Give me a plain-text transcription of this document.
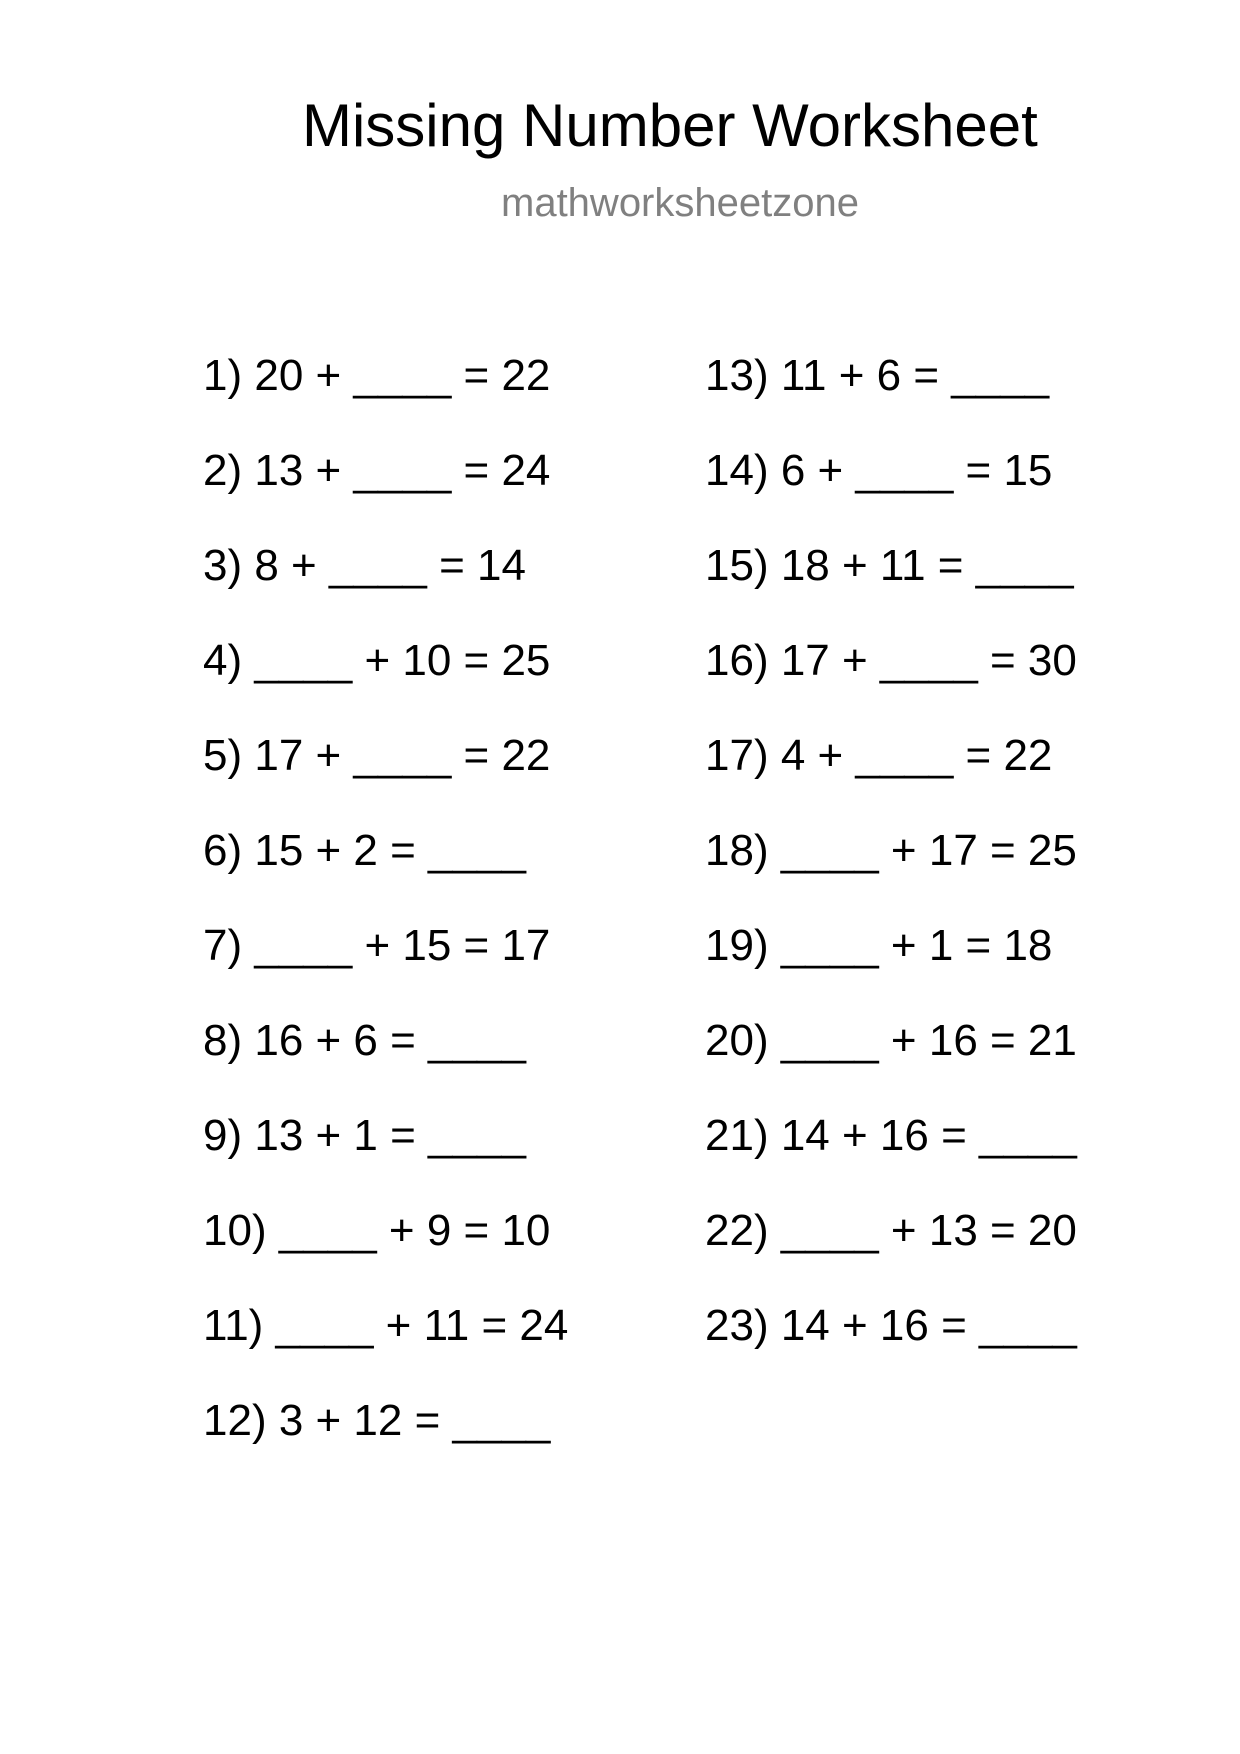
Missing Number Worksheet
mathworksheetzone
1) 20 + ____ = 22
2) 13 + ____ = 24
3) 8 + ____ = 14
4) ____ + 10 = 25
5) 17 + ____ = 22
6) 15 + 2 = ____
7) ____ + 15 = 17
8) 16 + 6 = ____
9) 13 + 1 = ____
10) ____ + 9 = 10
11) ____ + 11 = 24
12) 3 + 12 = ____
13) 11 + 6 = ____
14) 6 + ____ = 15
15) 18 + 11 = ____
16) 17 + ____ = 30
17) 4 + ____ = 22
18) ____ + 17 = 25
19) ____ + 1 = 18
20) ____ + 16 = 21
21) 14 + 16 = ____
22) ____ + 13 = 20
23) 14 + 16 = ____
